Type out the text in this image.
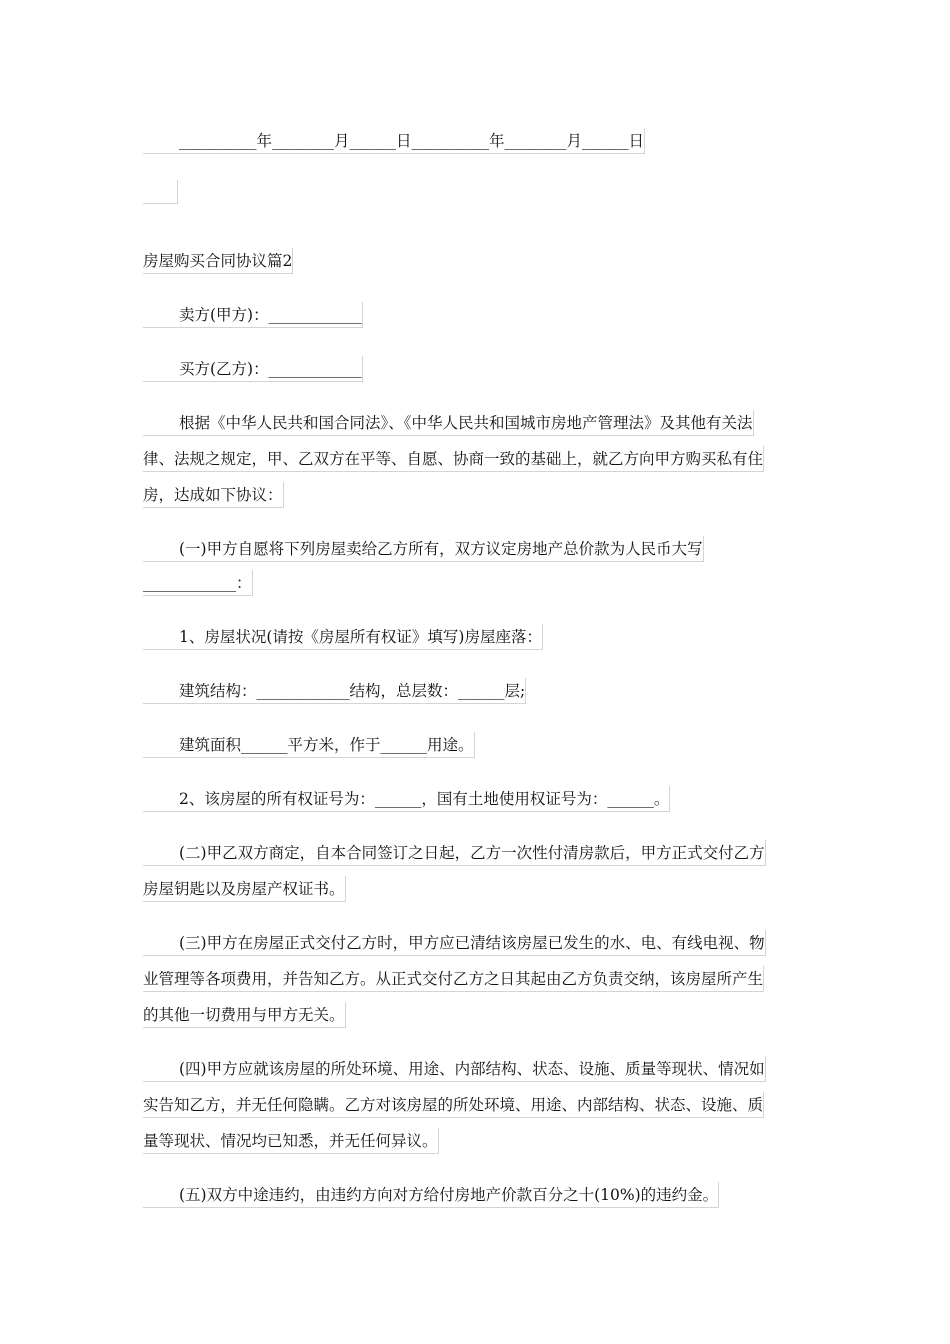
__________年________月______日__________年________月______日
房屋购买合同协议篇2
卖方(甲方)：____________
买方(乙方)：____________
根据《中华人民共和国合同法》、《中华人民共和国城市房地产管理法》及其他有关法
律、法规之规定，甲、乙双方在平等、自愿、协商一致的基础上，就乙方向甲方购买私有住
房，达成如下协议：
(一)甲方自愿将下列房屋卖给乙方所有，双方议定房地产总价款为人民币大写
____________：
1、房屋状况(请按《房屋所有权证》填写)房屋座落：
建筑结构：____________结构，总层数：______层;
建筑面积______平方米，作于______用途。
2、该房屋的所有权证号为：______，国有土地使用权证号为：______。
(二)甲乙双方商定，自本合同签订之日起，乙方一次性付清房款后，甲方正式交付乙方
房屋钥匙以及房屋产权证书。
(三)甲方在房屋正式交付乙方时，甲方应已清结该房屋已发生的水、电、有线电视、物
业管理等各项费用，并告知乙方。从正式交付乙方之日其起由乙方负责交纳，该房屋所产生
的其他一切费用与甲方无关。
(四)甲方应就该房屋的所处环境、用途、内部结构、状态、设施、质量等现状、情况如
实告知乙方，并无任何隐瞒。乙方对该房屋的所处环境、用途、内部结构、状态、设施、质
量等现状、情况均已知悉，并无任何异议。
(五)双方中途违约，由违约方向对方给付房地产价款百分之十(10%)的违约金。
